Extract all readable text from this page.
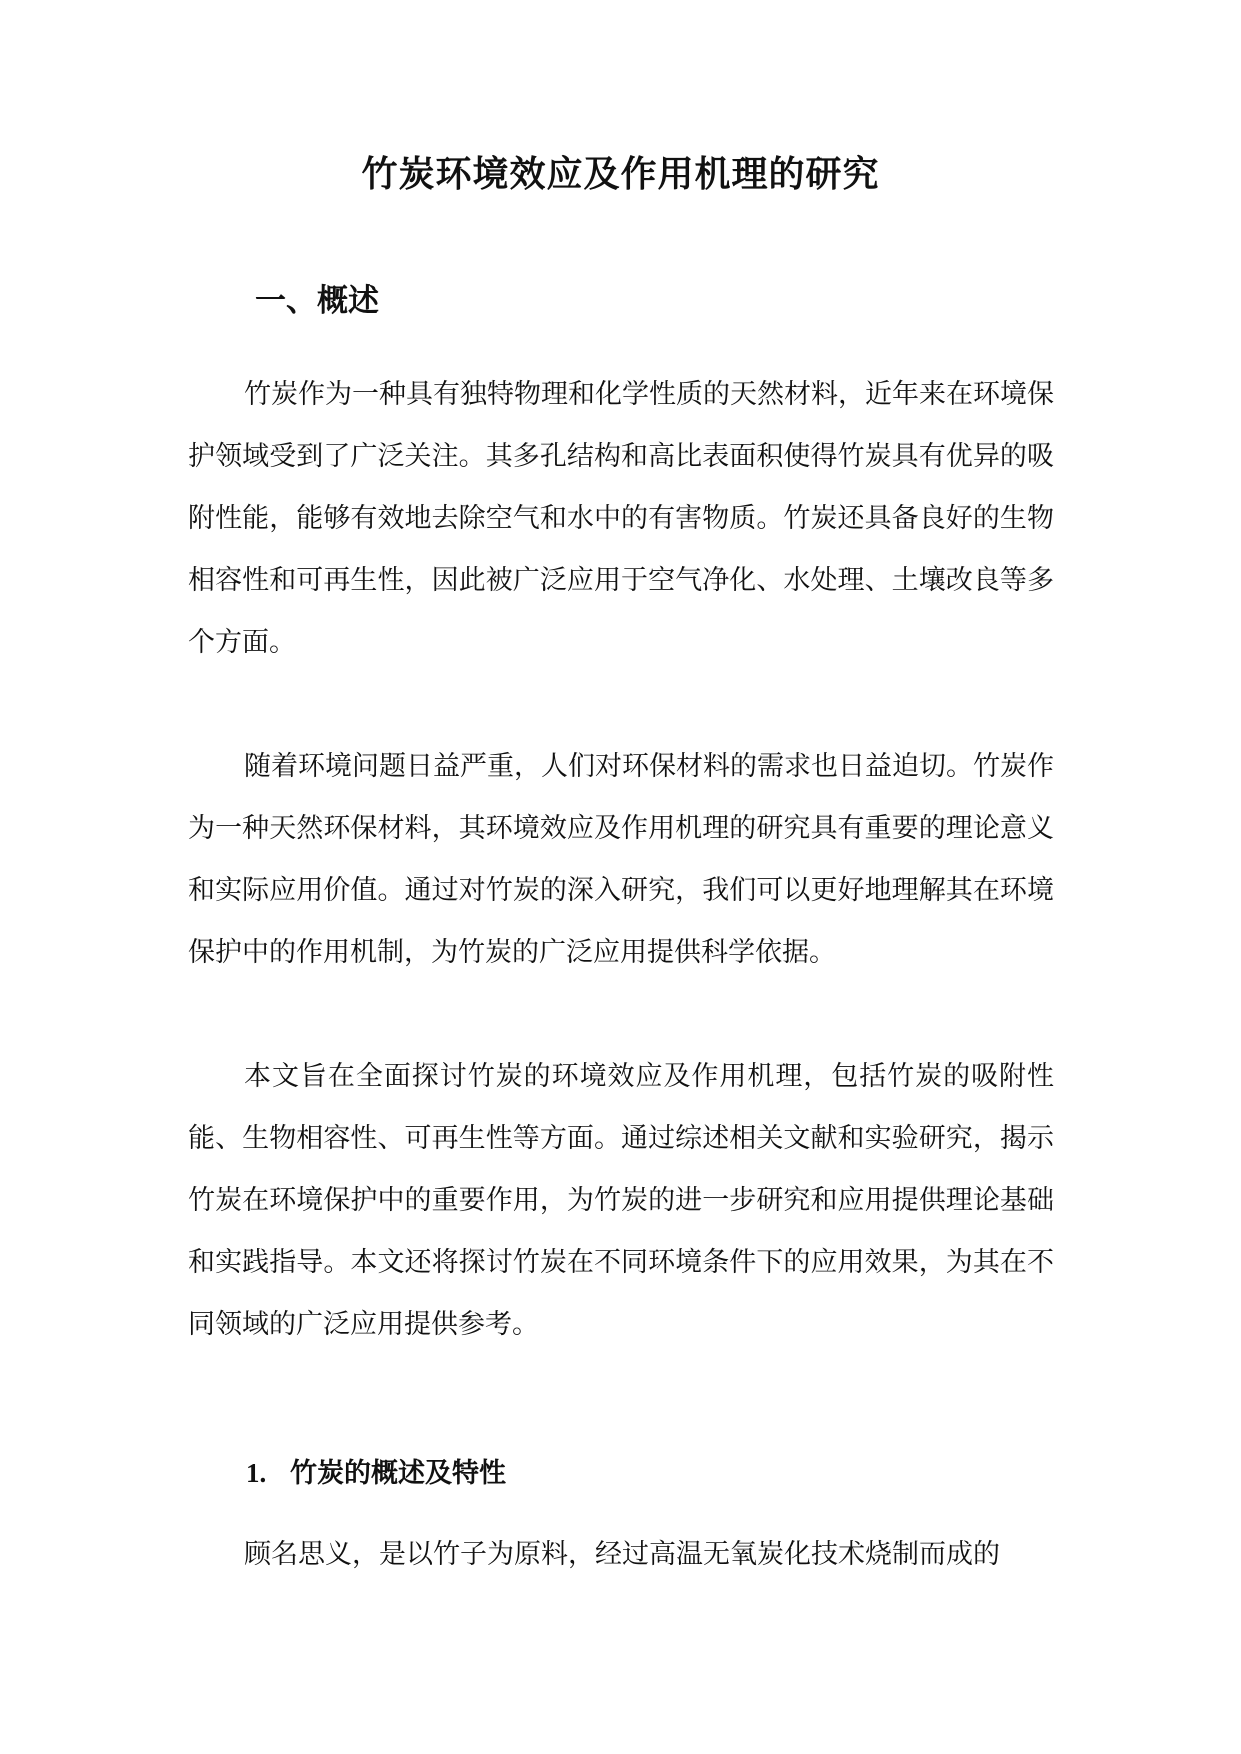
竹炭环境效应及作用机理的研究
一、概述

竹炭作为一种具有独特物理和化学性质的天然材料，近年来在环境保护领域受到了广泛关注。其多孔结构和高比表面积使得竹炭具有优异的吸附性能，能够有效地去除空气和水中的有害物质。竹炭还具备良好的生物相容性和可再生性，因此被广泛应用于空气净化、水处理、土壤改良等多个方面。

随着环境问题日益严重，人们对环保材料的需求也日益迫切。竹炭作为一种天然环保材料，其环境效应及作用机理的研究具有重要的理论意义和实际应用价值。通过对竹炭的深入研究，我们可以更好地理解其在环境保护中的作用机制，为竹炭的广泛应用提供科学依据。

本文旨在全面探讨竹炭的环境效应及作用机理，包括竹炭的吸附性能、生物相容性、可再生性等方面。通过综述相关文献和实验研究，揭示竹炭在环境保护中的重要作用，为竹炭的进一步研究和应用提供理论基础和实践指导。本文还将探讨竹炭在不同环境条件下的应用效果，为其在不同领域的广泛应用提供参考。

1. 竹炭的概述及特性

顾名思义，是以竹子为原料，经过高温无氧炭化技术烧制而成的
